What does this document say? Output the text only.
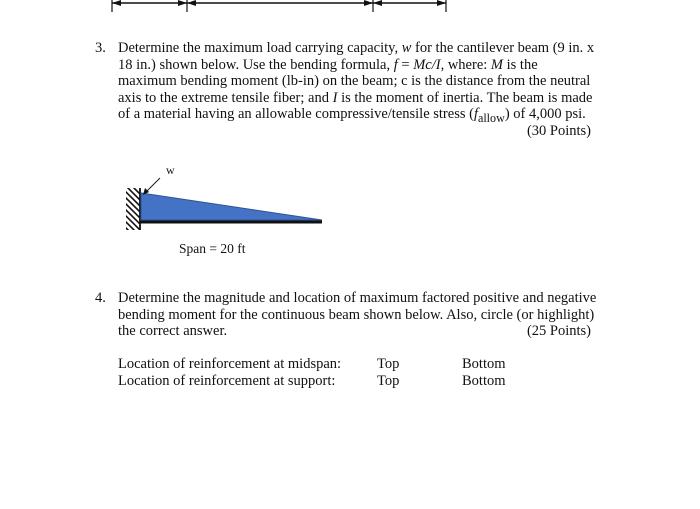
3. Determine the maximum load carrying capacity, w for the cantilever beam (9 in. x
18 in.) shown below. Use the bending formula, f = Mc/I, where: M is the
maximum bending moment (lb-in) on the beam; c is the distance from the neutral
axis to the extreme tensile fiber; and I is the moment of inertia. The beam is made
of a material having an allowable compressive/tensile stress $(f_{allow})$ of 4,000 psi.
(30 Points)
w
Span = 20 ft
4. Determine the magnitude and location of maximum factored positive and negative
bending moment for the continuous beam shown below. Also, circle (or highlight)
the correct answer.	(25 Points)
Location of reinforcement at midspan: Top	Bottom
Location of reinforcement at support:	Top	Bottom
